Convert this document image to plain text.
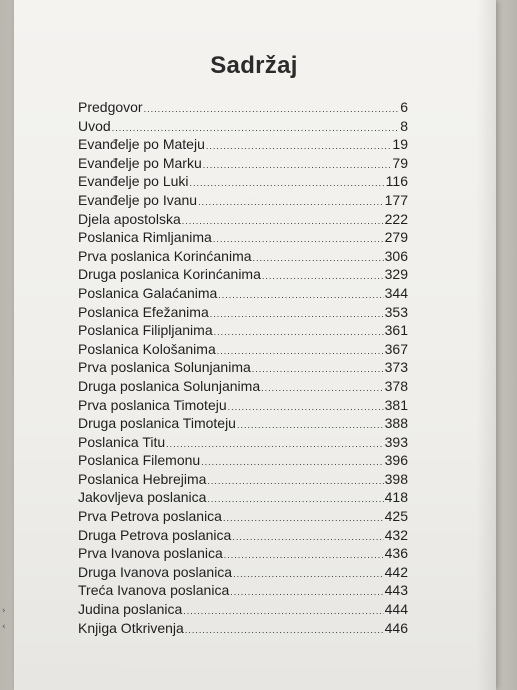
›
‹
Sadržaj
Predgovor .....	6
Uvod .....	8
Evanđelje po Mateju .....	19
Evanđelje po Marku .....	79
Evanđelje po Luki .....	116
Evanđelje po Ivanu .....	177
Djela apostolska .....	222
Poslanica Rimljanima .....	279
Prva poslanica Korinćanima .....	306
Druga poslanica Korinćanima .....	329
Poslanica Galaćanima .....	344
Poslanica Efežanima .....	353
Poslanica Filipljanima .....	361
Poslanica Kološanima .....	367
Prva poslanica Solunjanima .....	373
Druga poslanica Solunjanima .....	378
Prva poslanica Timoteju .....	381
Druga poslanica Timoteju .....	388
Poslanica Titu .....	393
Poslanica Filemonu .....	396
Poslanica Hebrejima .....	398
Jakovljeva poslanica .....	418
Prva Petrova poslanica .....	425
Druga Petrova poslanica .....	432
Prva Ivanova poslanica .....	436
Druga Ivanova poslanica .....	442
Treća Ivanova poslanica .....	443
Judina poslanica .....	444
Knjiga Otkrivenja .....	446
